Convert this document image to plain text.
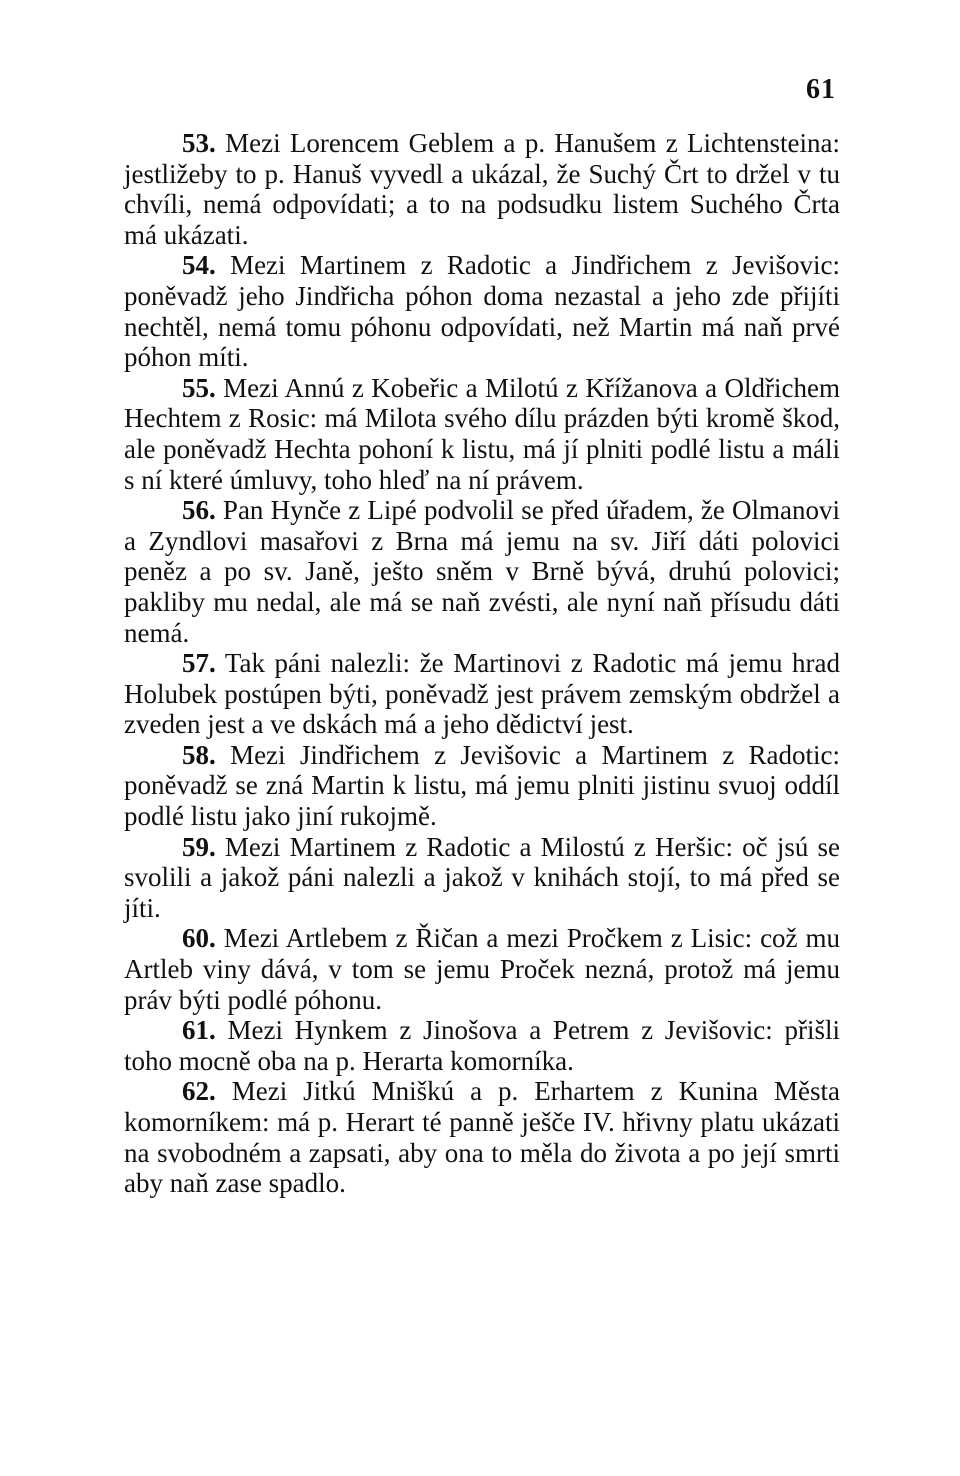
61

53. Mezi Lorencem Geblem a p. Hanušem z Lichtensteina: jestližeby to p. Hanuš vyvedl a ukázal, že Suchý Črt to držel v tu chvíli, nemá odpovídati; a to na podsudku listem Suchého Črta má ukázati.

54. Mezi Martinem z Radotic a Jindřichem z Jevišovic: poněvadž jeho Jindřicha póhon doma nezastal a jeho zde přijíti nechtěl, nemá tomu póhonu odpovídati, než Martin má naň prvé póhon míti.

55. Mezi Annú z Kobeřic a Milotú z Křížanova a Oldřichem Hechtem z Rosic: má Milota svého dílu prázden býti kromě škod, ale poněvadž Hechta pohoní k listu, má jí plniti podlé listu a máli s ní které úmluvy, toho hleď na ní právem.

56. Pan Hynče z Lipé podvolil se před úřadem, že Olmanovi a Zyndlovi masařovi z Brna má jemu na sv. Jiří dáti polovici peněz a po sv. Janě, ješto sněm v Brně bývá, druhú polovici; pakliby mu nedal, ale má se naň zvésti, ale nyní naň přísudu dáti nemá.

57. Tak páni nalezli: že Martinovi z Radotic má jemu hrad Holubek postúpen býti, poněvadž jest právem zemským obdržel a zveden jest a ve dskách má a jeho dědictví jest.

58. Mezi Jindřichem z Jevišovic a Martinem z Radotic: poněvadž se zná Martin k listu, má jemu plniti jistinu svuoj oddíl podlé listu jako jiní rukojmě.

59. Mezi Martinem z Radotic a Milostú z Heršic: oč jsú se svolili a jakož páni nalezli a jakož v knihách stojí, to má před se jíti.

60. Mezi Artlebem z Řičan a mezi Pročkem z Lisic: což mu Artleb viny dává, v tom se jemu Proček nezná, protož má jemu práv býti podlé póhonu.

61. Mezi Hynkem z Jinošova a Petrem z Jevišovic: přišli toho mocně oba na p. Herarta komorníka.

62. Mezi Jitkú Mniškú a p. Erhartem z Kunina Města komorníkem: má p. Herart té panně ješče IV. hřivny platu ukázati na svobodném a zapsati, aby ona to měla do života a po její smrti aby naň zase spadlo.
